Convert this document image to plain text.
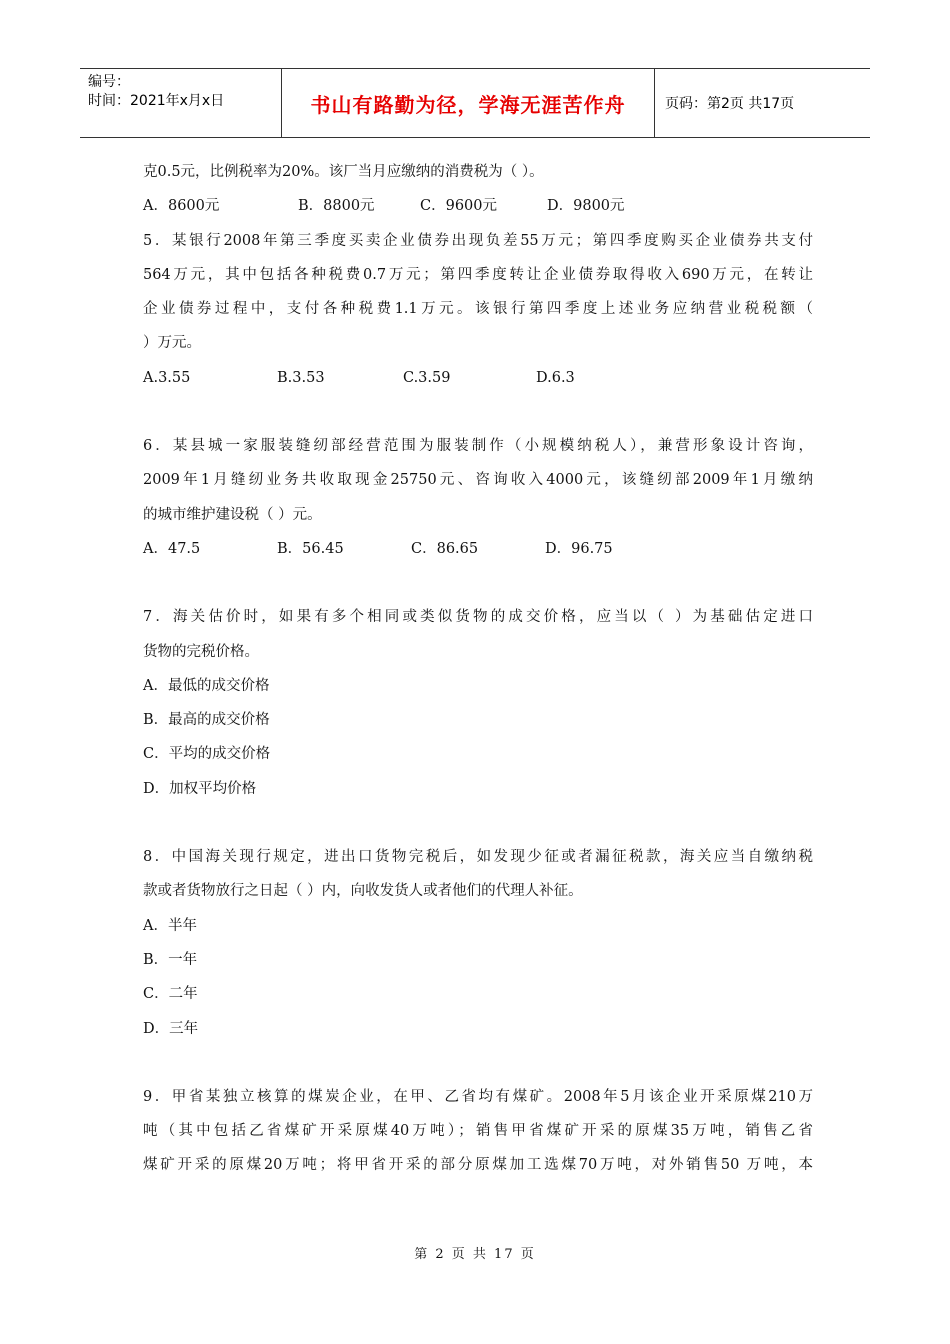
编号：
时间：2021年x月x日	书山有路勤为径，学海无涯苦作舟	页码：第2页 共17页
克0.5元，比例税率为20%。该厂当月应缴纳的消费税为（ ）。
A．8600元	B．8800元	C．9600元	D．9800元
5．某银行2008年第三季度买卖企业债券出现负差55万元；第四季度购买企业债券共支付
564万元，其中包括各种税费0.7万元；第四季度转让企业债券取得收入690万元，在转让
企业债券过程中，支付各种税费1.1万元。该银行第四季度上述业务应纳营业税税额（
）万元。
A.3.55	B.3.53	C.3.59	D.6.3
6．某县城一家服装缝纫部经营范围为服装制作（小规模纳税人），兼营形象设计咨询，
2009年1月缝纫业务共收取现金25750元、咨询收入4000元，该缝纫部2009年1月缴纳
的城市维护建设税（ ）元。
A．47.5	B．56.45	C．86.65	D．96.75
7．海关估价时，如果有多个相同或类似货物的成交价格，应当以（ ）为基础估定进口
货物的完税价格。
A．最低的成交价格
B．最高的成交价格
C．平均的成交价格
D．加权平均价格
8．中国海关现行规定，进出口货物完税后，如发现少征或者漏征税款，海关应当自缴纳税
款或者货物放行之日起（ ）内，向收发货人或者他们的代理人补征。
A．半年
B．一年
C．二年
D．三年
9．甲省某独立核算的煤炭企业，在甲、乙省均有煤矿。2008年5月该企业开采原煤210万
吨（其中包括乙省煤矿开采原煤40万吨）；销售甲省煤矿开采的原煤35万吨，销售乙省
煤矿开采的原煤20万吨；将甲省开采的部分原煤加工选煤70万吨，对外销售50 万吨，本
第 2 页 共 17 页
